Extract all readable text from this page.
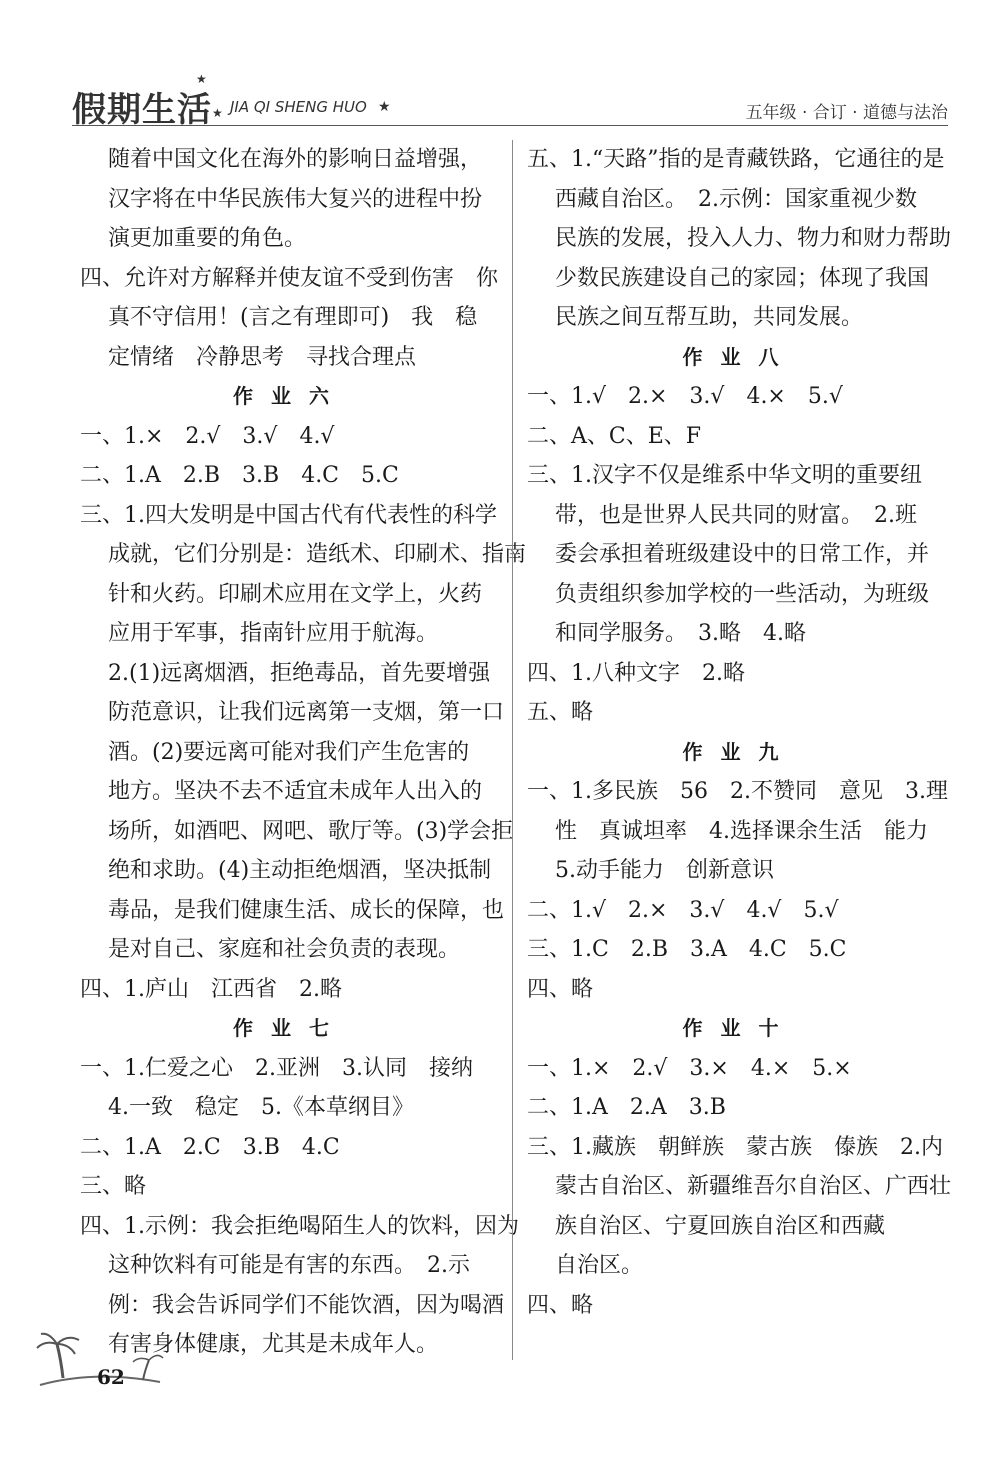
假期生活
★
★ JIA QI SHENG HUO ★	五年级 · 合订 · 道德与法治
随着中国文化在海外的影响日益增强，
汉字将在中华民族伟大复兴的进程中扮
演更加重要的角色。
四、允许对方解释并使友谊不受到伤害　你
真不守信用！(言之有理即可)　我　稳
定情绪　冷静思考　寻找合理点
作业六
一、1.×　2.√　3.√　4.√
二、1.A　2.B　3.B　4.C　5.C
三、1.四大发明是中国古代有代表性的科学
成就，它们分别是：造纸术、印刷术、指南
针和火药。印刷术应用在文学上，火药
应用于军事，指南针应用于航海。
2.(1)远离烟酒，拒绝毒品，首先要增强
防范意识，让我们远离第一支烟，第一口
酒。(2)要远离可能对我们产生危害的
地方。坚决不去不适宜未成年人出入的
场所，如酒吧、网吧、歌厅等。(3)学会拒
绝和求助。(4)主动拒绝烟酒，坚决抵制
毒品，是我们健康生活、成长的保障，也
是对自己、家庭和社会负责的表现。
四、1.庐山　江西省　2.略
作业七
一、1.仁爱之心　2.亚洲　3.认同　接纳
4.一致　稳定　5.《本草纲目》
二、1.A　2.C　3.B　4.C
三、略
四、1.示例：我会拒绝喝陌生人的饮料，因为
这种饮料有可能是有害的东西。　2.示
例：我会告诉同学们不能饮酒，因为喝酒
有害身体健康，尤其是未成年人。
五、1.“天路”指的是青藏铁路，它通往的是
西藏自治区。　2.示例：国家重视少数
民族的发展，投入人力、物力和财力帮助
少数民族建设自己的家园；体现了我国
民族之间互帮互助，共同发展。
作业八
一、1.√　2.×　3.√　4.×　5.√
二、A、C、E、F
三、1.汉字不仅是维系中华文明的重要纽
带，也是世界人民共同的财富。　2.班
委会承担着班级建设中的日常工作，并
负责组织参加学校的一些活动，为班级
和同学服务。　3.略　4.略
四、1.八种文字　2.略
五、略
作业九
一、1.多民族　56　2.不赞同　意见　3.理
性　真诚坦率　4.选择课余生活　能力
5.动手能力　创新意识
二、1.√　2.×　3.√　4.√　5.√
三、1.C　2.B　3.A　4.C　5.C
四、略
作业十
一、1.×　2.√　3.×　4.×　5.×
二、1.A　2.A　3.B
三、1.藏族　朝鲜族　蒙古族　傣族　2.内
蒙古自治区、新疆维吾尔自治区、广西壮
族自治区、宁夏回族自治区和西藏
自治区。
四、略
62
